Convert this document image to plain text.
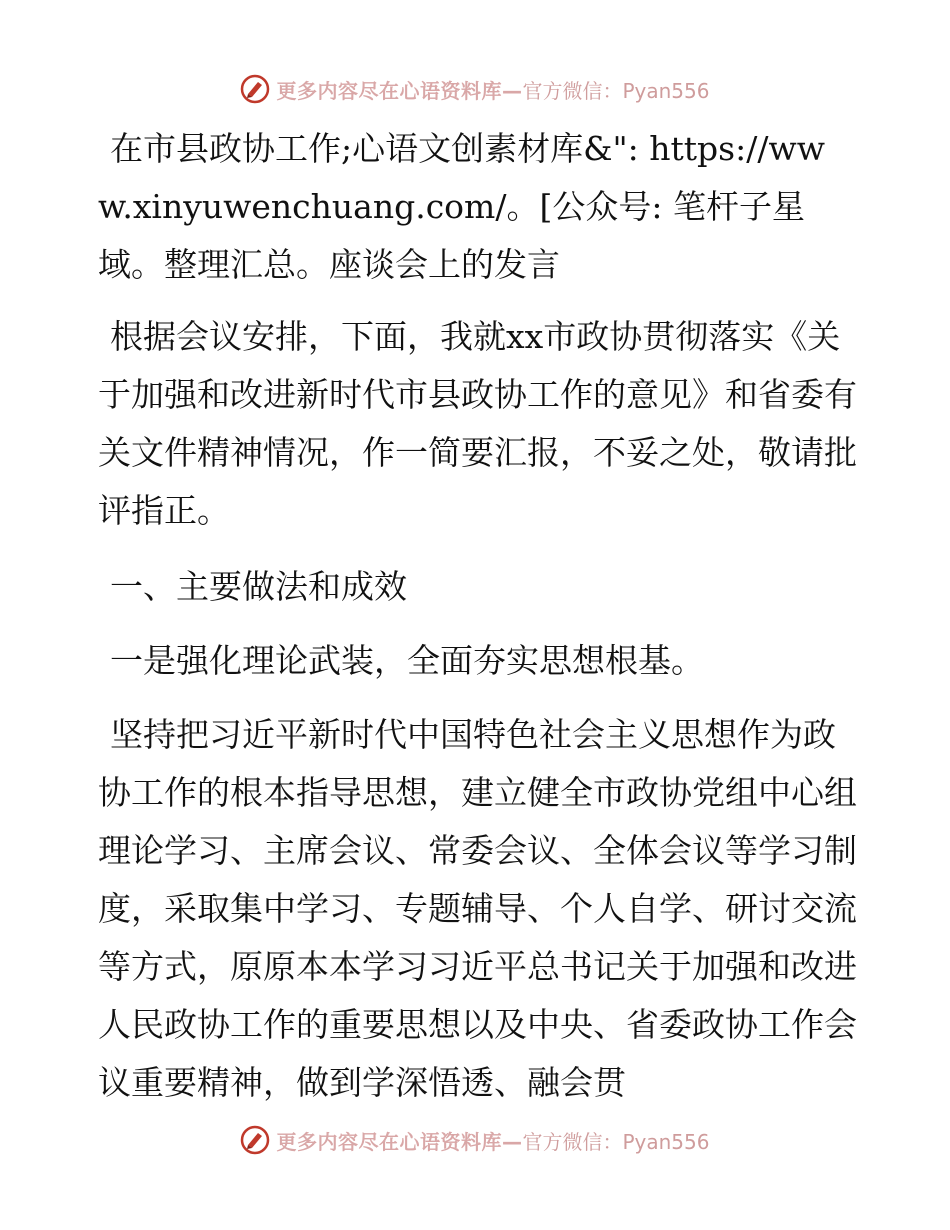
更多内容尽在心语资料库— 官方微信：Pyan556

在市县政协工作;心语文创素材库&": https://www.xinyuwenchuang.com/。[公众号: 笔杆子星域。整理汇总。座谈会上的发言

根据会议安排，下面，我就xx市政协贯彻落实《关于加强和改进新时代市县政协工作的意见》和省委有关文件精神情况，作一简要汇报，不妥之处，敬请批评指正。

一、主要做法和成效

一是强化理论武装，全面夯实思想根基。

坚持把习近平新时代中国特色社会主义思想作为政协工作的根本指导思想，建立健全市政协党组中心组理论学习、主席会议、常委会议、全体会议等学习制度，采取集中学习、专题辅导、个人自学、研讨交流等方式，原原本本学习习近平总书记关于加强和改进人民政协工作的重要思想以及中央、省委政协工作会议重要精神，做到学深悟透、融会贯

更多内容尽在心语资料库— 官方微信：Pyan556
